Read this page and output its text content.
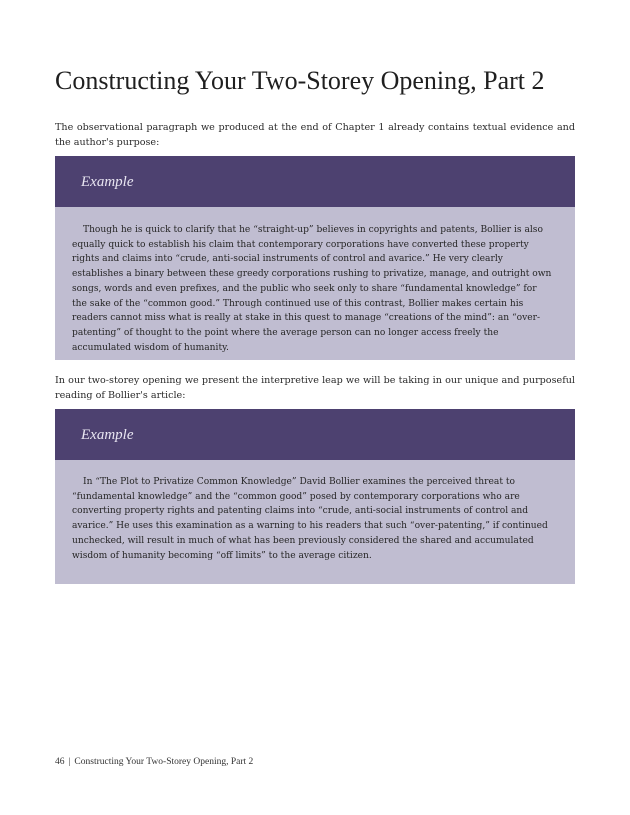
Constructing Your Two-Storey Opening, Part 2

The observational paragraph we produced at the end of Chapter 1 already contains textual evidence and the author's purpose:

Example

Though he is quick to clarify that he “straight-up” believes in copyrights and patents, Bollier is also equally quick to establish his claim that contemporary corporations have converted these property rights and claims into “crude, anti-social instruments of control and avarice.” He very clearly establishes a binary between these greedy corporations rushing to privatize, manage, and outright own songs, words and even prefixes, and the public who seek only to share “fundamental knowledge” for the sake of the “common good.” Through continued use of this contrast, Bollier makes certain his readers cannot miss what is really at stake in this quest to manage “creations of the mind”: an “over-patenting” of thought to the point where the average person can no longer access freely the accumulated wisdom of humanity.

In our two-storey opening we present the interpretive leap we will be taking in our unique and purposeful reading of Bollier's article:

Example

In “The Plot to Privatize Common Knowledge” David Bollier examines the perceived threat to “fundamental knowledge” and the “common good” posed by contemporary corporations who are converting property rights and patenting claims into “crude, anti-social instruments of control and avarice.” He uses this examination as a warning to his readers that such “over-patenting,” if continued unchecked, will result in much of what has been previously considered the shared and accumulated wisdom of humanity becoming “off limits” to the average citizen.

46 | Constructing Your Two-Storey Opening, Part 2
